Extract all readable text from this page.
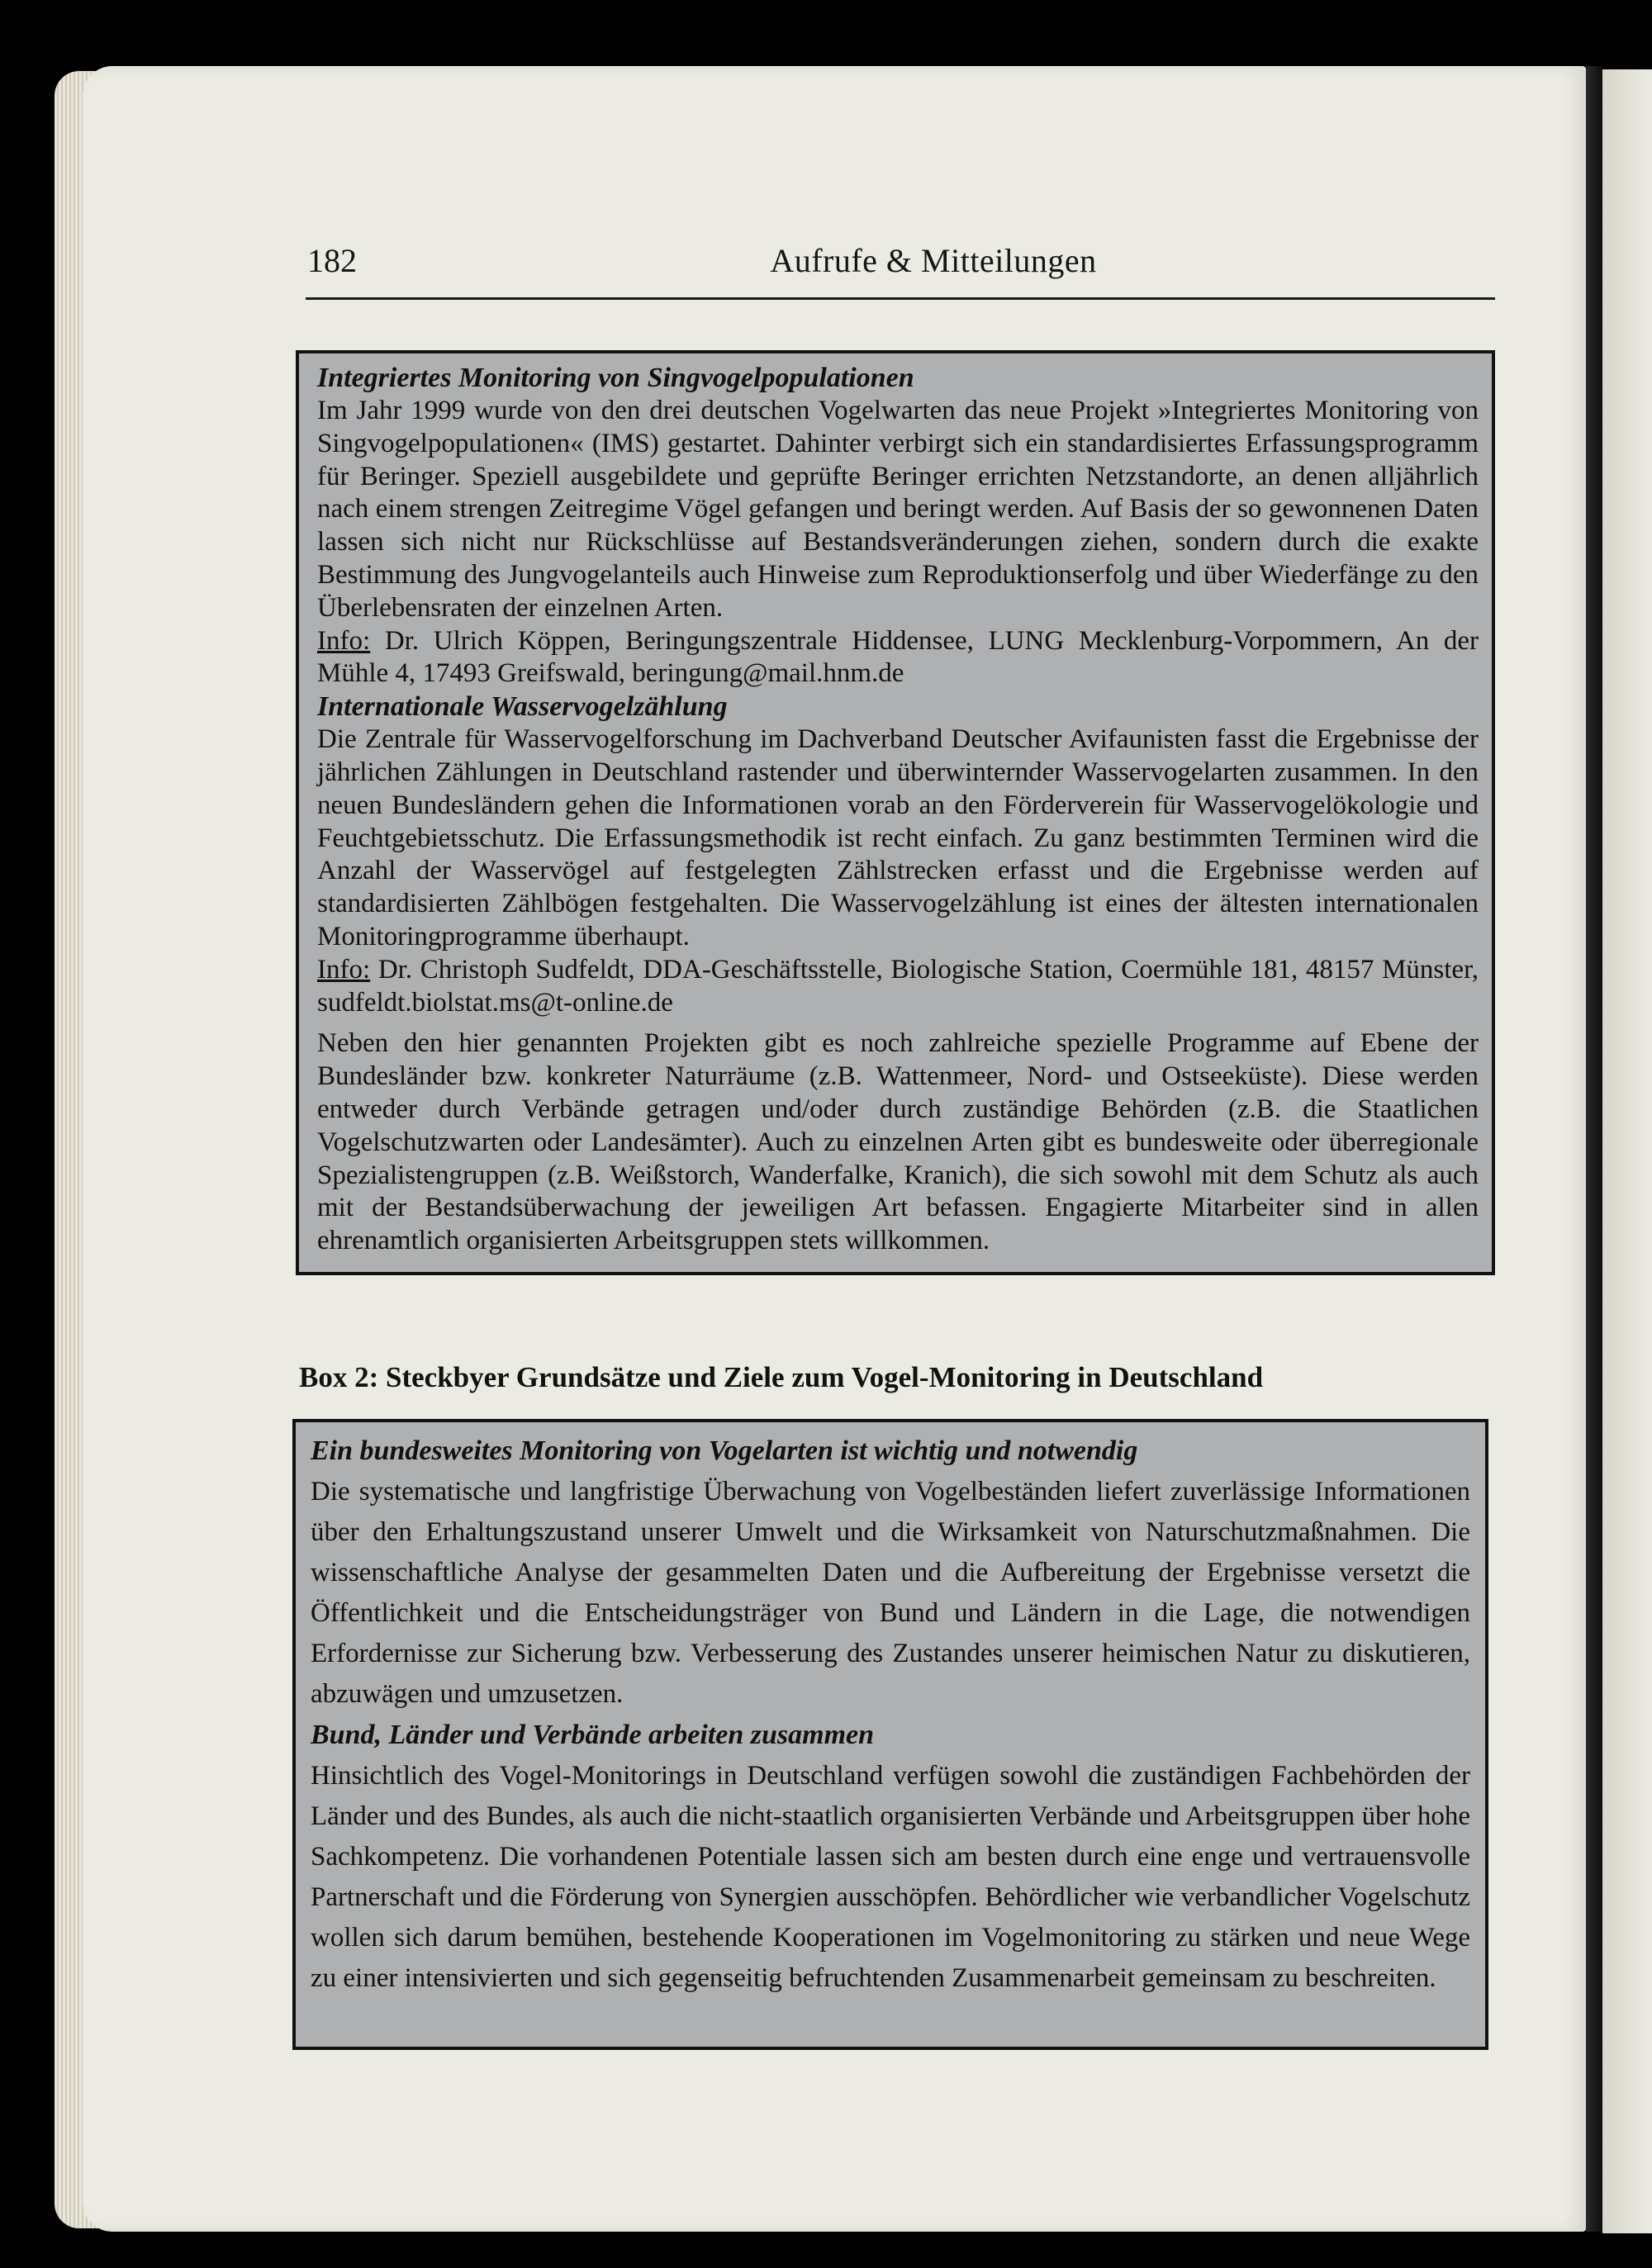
182	Aufrufe & Mitteilungen

Integriertes Monitoring von Singvogelpopulationen

Im Jahr 1999 wurde von den drei deutschen Vogelwarten das neue Projekt »Integriertes Monitoring von Singvogelpopulationen« (IMS) gestartet. Dahinter verbirgt sich ein standardisiertes Erfassungsprogramm für Beringer. Speziell ausgebildete und geprüfte Beringer errichten Netzstandorte, an denen alljährlich nach einem strengen Zeitregime Vögel gefangen und beringt werden. Auf Basis der so gewonnenen Daten lassen sich nicht nur Rückschlüsse auf Bestandsveränderungen ziehen, sondern durch die exakte Bestimmung des Jungvogelanteils auch Hinweise zum Reproduktionserfolg und über Wiederfänge zu den Überlebensraten der einzelnen Arten.

Info: Dr. Ulrich Köppen, Beringungszentrale Hiddensee, LUNG Mecklenburg-Vorpommern, An der Mühle 4, 17493 Greifswald, beringung@mail.hnm.de

Internationale Wasservogelzählung

Die Zentrale für Wasservogelforschung im Dachverband Deutscher Avifaunisten fasst die Ergebnisse der jährlichen Zählungen in Deutschland rastender und überwinternder Wasservogelarten zusammen. In den neuen Bundesländern gehen die Informationen vorab an den Förderverein für Wasservogelökologie und Feuchtgebietsschutz. Die Erfassungsmethodik ist recht einfach. Zu ganz bestimmten Terminen wird die Anzahl der Wasservögel auf festgelegten Zählstrecken erfasst und die Ergebnisse werden auf standardisierten Zählbögen festgehalten. Die Wasservogelzählung ist eines der ältesten internationalen Monitoringprogramme überhaupt.

Info: Dr. Christoph Sudfeldt, DDA-Geschäftsstelle, Biologische Station, Coermühle 181, 48157 Münster, sudfeldt.biolstat.ms@t-online.de

Neben den hier genannten Projekten gibt es noch zahlreiche spezielle Programme auf Ebene der Bundesländer bzw. konkreter Naturräume (z.B. Wattenmeer, Nord- und Ostseeküste). Diese werden entweder durch Verbände getragen und/oder durch zuständige Behörden (z.B. die Staatlichen Vogelschutzwarten oder Landesämter). Auch zu einzelnen Arten gibt es bundesweite oder überregionale Spezialistengruppen (z.B. Weißstorch, Wanderfalke, Kranich), die sich sowohl mit dem Schutz als auch mit der Bestandsüberwachung der jeweiligen Art befassen. Engagierte Mitarbeiter sind in allen ehrenamtlich organisierten Arbeitsgruppen stets willkommen.

Box 2: Steckbyer Grundsätze und Ziele zum Vogel-Monitoring in Deutschland

Ein bundesweites Monitoring von Vogelarten ist wichtig und notwendig

Die systematische und langfristige Überwachung von Vogelbeständen liefert zuverlässige Informationen über den Erhaltungszustand unserer Umwelt und die Wirksamkeit von Naturschutzmaßnahmen. Die wissenschaftliche Analyse der gesammelten Daten und die Aufbereitung der Ergebnisse versetzt die Öffentlichkeit und die Entscheidungsträger von Bund und Ländern in die Lage, die notwendigen Erfordernisse zur Sicherung bzw. Verbesserung des Zustandes unserer heimischen Natur zu diskutieren, abzuwägen und umzusetzen.

Bund, Länder und Verbände arbeiten zusammen

Hinsichtlich des Vogel-Monitorings in Deutschland verfügen sowohl die zuständigen Fachbehörden der Länder und des Bundes, als auch die nicht-staatlich organisierten Verbände und Arbeitsgruppen über hohe Sachkompetenz. Die vorhandenen Potentiale lassen sich am besten durch eine enge und vertrauensvolle Partnerschaft und die Förderung von Synergien ausschöpfen. Behördlicher wie verbandlicher Vogelschutz wollen sich darum bemühen, bestehende Kooperationen im Vogelmonitoring zu stärken und neue Wege zu einer intensivierten und sich gegenseitig befruchtenden Zusammenarbeit gemeinsam zu beschreiten.
